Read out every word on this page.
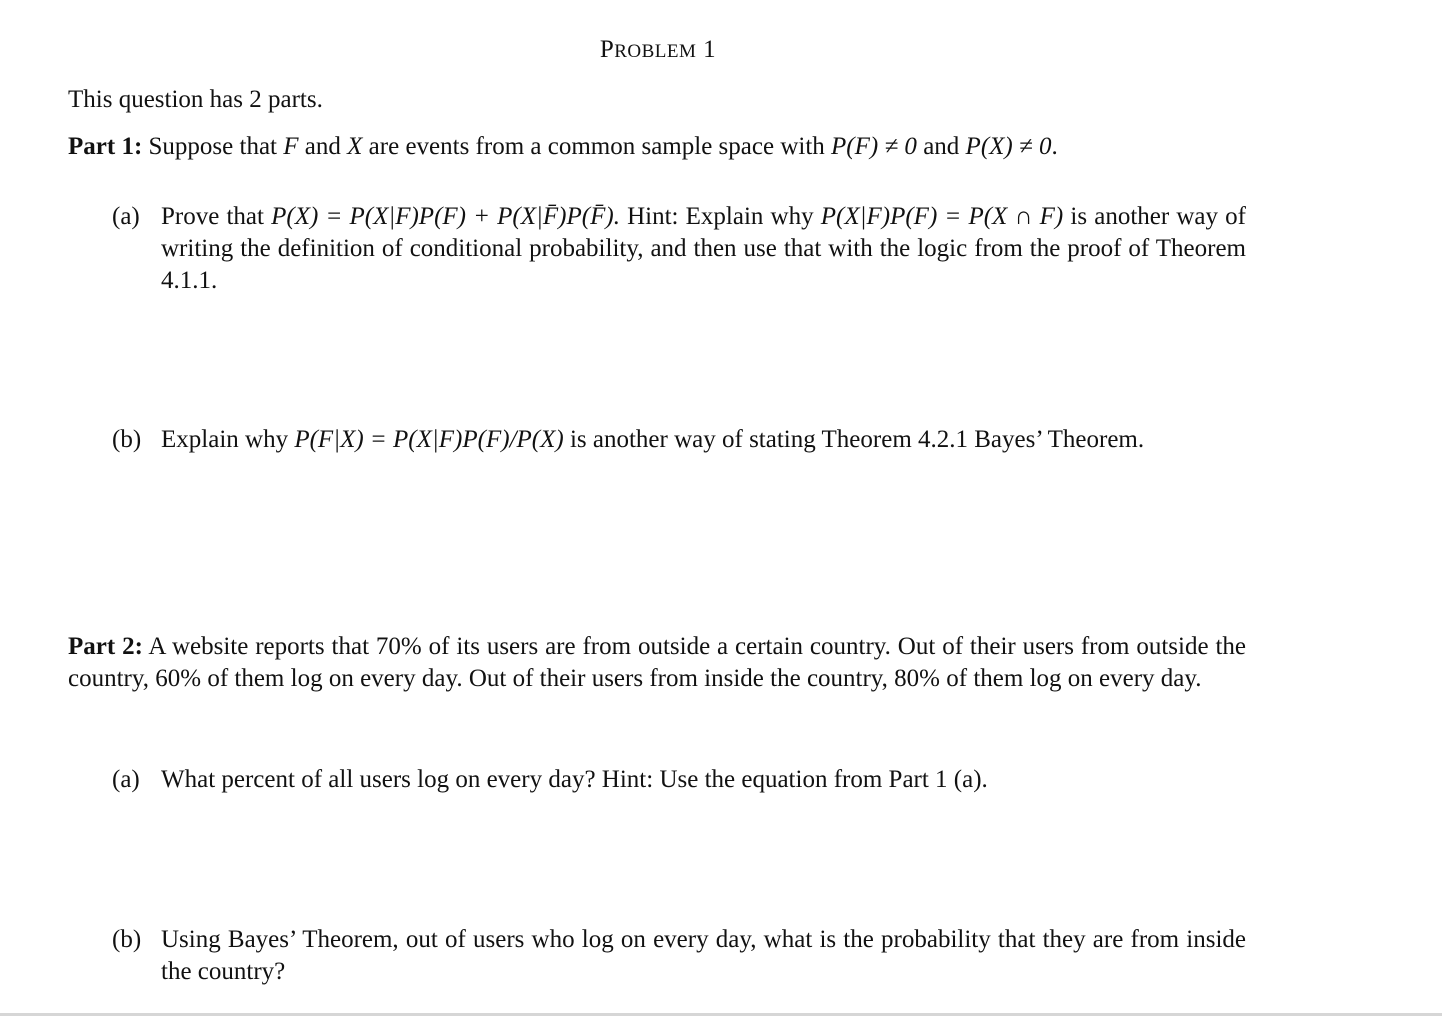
PROBLEM 1
This question has 2 parts.
Part 1: Suppose that F and X are events from a common sample space with P(F) ≠ 0 and P(X) ≠ 0.
(a) Prove that P(X) = P(X|F)P(F) + P(X|F̄)P(F̄). Hint: Explain why P(X|F)P(F) = P(X ∩ F) is another way of writing the definition of conditional probability, and then use that with the logic from the proof of Theorem 4.1.1.
(b) Explain why P(F|X) = P(X|F)P(F)/P(X) is another way of stating Theorem 4.2.1 Bayes’ Theorem.
Part 2: A website reports that 70% of its users are from outside a certain country. Out of their users from outside the country, 60% of them log on every day. Out of their users from inside the country, 80% of them log on every day.
(a) What percent of all users log on every day? Hint: Use the equation from Part 1 (a).
(b) Using Bayes’ Theorem, out of users who log on every day, what is the probability that they are from inside the country?
